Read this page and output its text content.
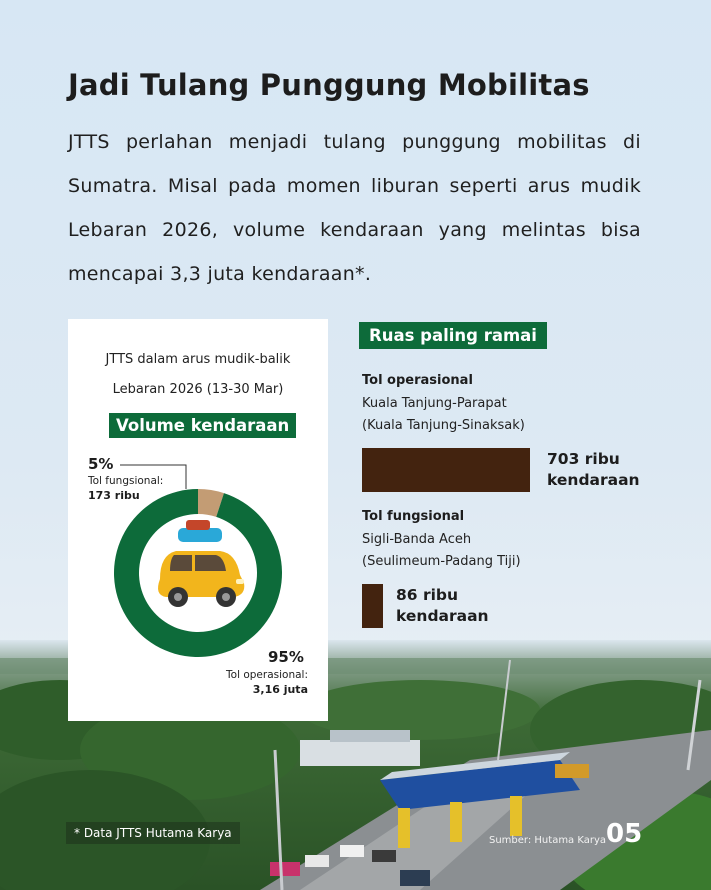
Jadi Tulang Punggung Mobilitas

JTTS perlahan menjadi tulang punggung mobilitas di Sumatra. Misal pada momen liburan seperti arus mudik Lebaran 2026, volume kendaraan yang melintas bisa mencapai 3,3 juta kendaraan*.

JTTS dalam arus mudik-balik
Lebaran 2026 (13-30 Mar)
Volume kendaraan
5%
Tol fungsional:
173 ribu
95%
Tol operasional:
3,16 juta
Ruas paling ramai
Tol operasional
Kuala Tanjung-Parapat
(Kuala Tanjung-Sinaksak)
703 ribu
kendaraan
Tol fungsional
Sigli-Banda Aceh
(Seulimeum-Padang Tiji)
86 ribu
kendaraan
* Data JTTS Hutama Karya
Sumber: Hutama Karya 05
